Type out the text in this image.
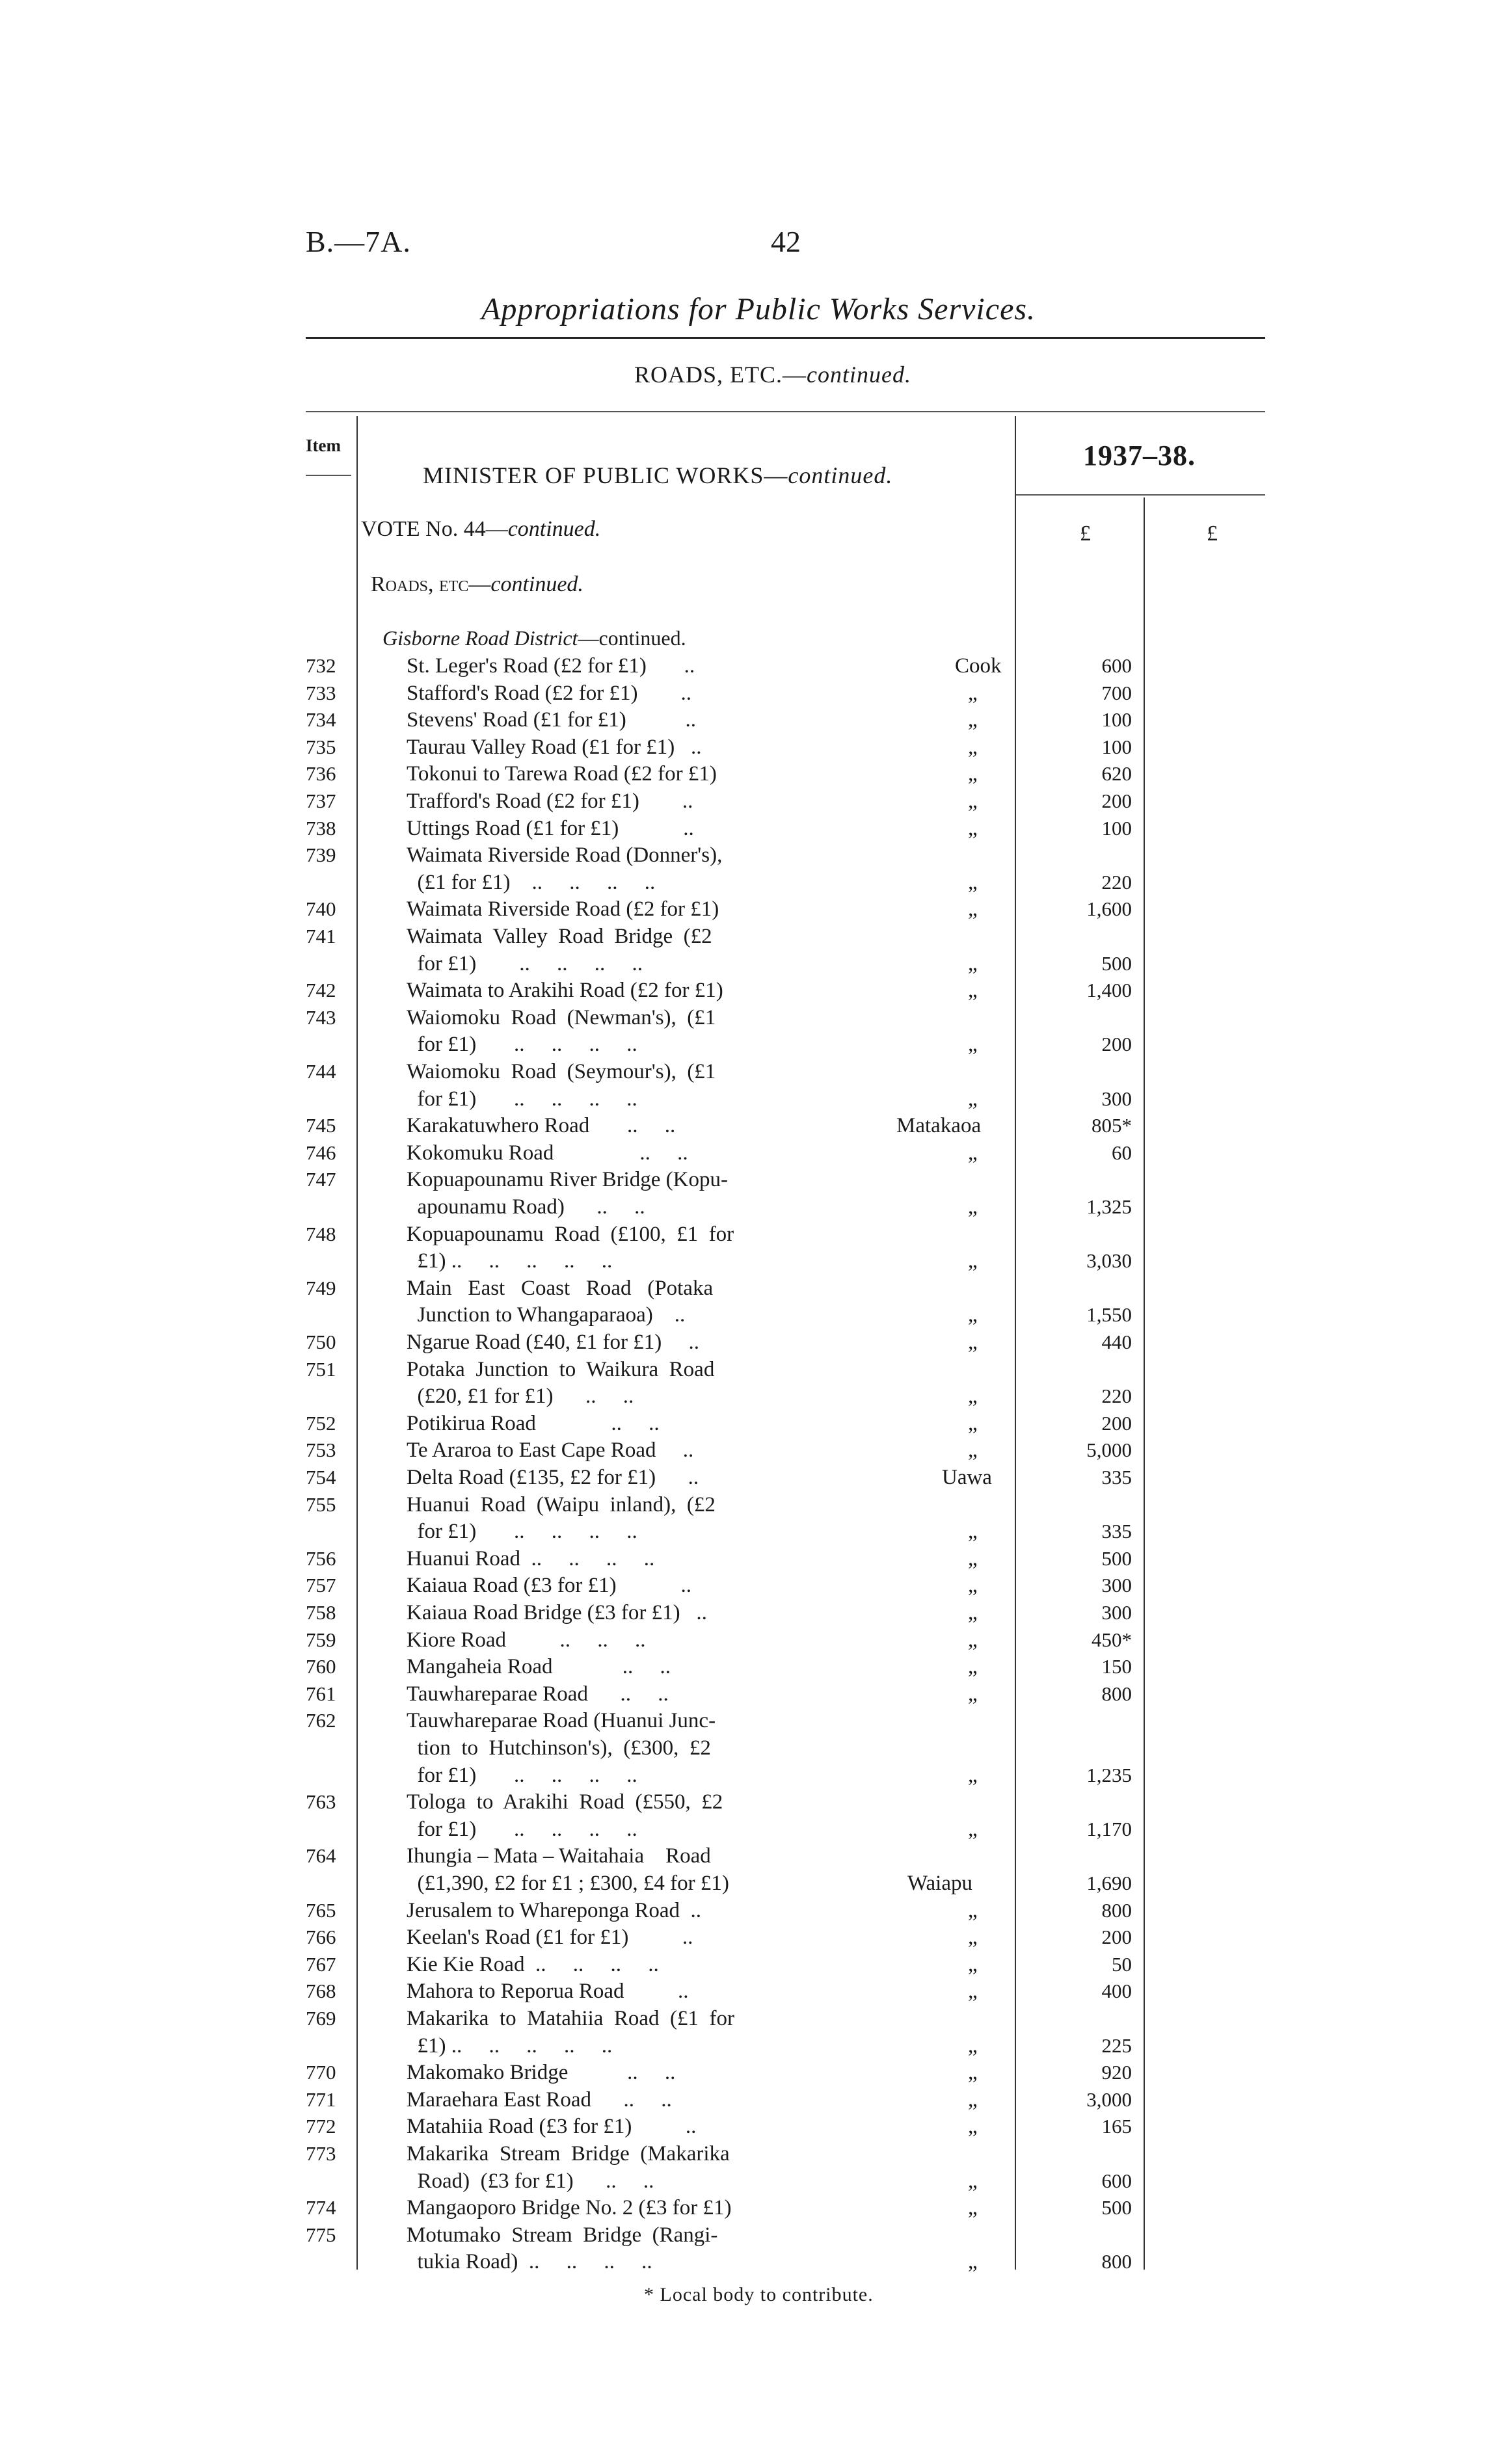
B.—7A.	42
Appropriations for Public Works Services.
ROADS, ETC.—continued.
Item	1937–38.
MINISTER OF PUBLIC WORKS—continued.
VOTE No. 44—continued.	£	£
Roads, etc—continued.
Gisborne Road District—continued.
732	St. Leger's Road (£2 for £1)       ..	Cook	600
733	Stafford's Road (£2 for £1)        ..	„	700
734	Stevens' Road (£1 for £1)           ..	„	100
735	Taurau Valley Road (£1 for £1)   ..	„	100
736	Tokonui to Tarewa Road (£2 for £1)	„	620
737	Trafford's Road (£2 for £1)        ..	„	200
738	Uttings Road (£1 for £1)            ..	„	100
739	Waimata Riverside Road (Donner's),
(£1 for £1)    ..     ..     ..     ..	„	220
740	Waimata Riverside Road (£2 for £1)	„	1,600
741	Waimata  Valley  Road  Bridge  (£2
for £1)        ..     ..     ..     ..	„	500
742	Waimata to Arakihi Road (£2 for £1)	„	1,400
743	Waiomoku  Road  (Newman's),  (£1
for £1)       ..     ..     ..     ..	„	200
744	Waiomoku  Road  (Seymour's),  (£1
for £1)       ..     ..     ..     ..	„	300
745	Karakatuwhero Road       ..     ..	Matakaoa	805*
746	Kokomuku Road                ..     ..	„	60
747	Kopuapounamu River Bridge (Kopu-
apounamu Road)      ..     ..	„	1,325
748	Kopuapounamu  Road  (£100,  £1  for
£1) ..     ..     ..     ..     ..	„	3,030
749	Main   East   Coast   Road   (Potaka
Junction to Whangaparaoa)    ..	„	1,550
750	Ngarue Road (£40, £1 for £1)     ..	„	440
751	Potaka  Junction  to  Waikura  Road
(£20, £1 for £1)      ..     ..	„	220
752	Potikirua Road              ..     ..	„	200
753	Te Araroa to East Cape Road     ..	„	5,000
754	Delta Road (£135, £2 for £1)      ..	Uawa	335
755	Huanui  Road  (Waipu  inland),  (£2
for £1)       ..     ..     ..     ..	„	335
756	Huanui Road  ..     ..     ..     ..	„	500
757	Kaiaua Road (£3 for £1)            ..	„	300
758	Kaiaua Road Bridge (£3 for £1)   ..	„	300
759	Kiore Road          ..     ..     ..	„	450*
760	Mangaheia Road             ..     ..	„	150
761	Tauwhareparae Road      ..     ..	„	800
762	Tauwhareparae Road (Huanui Junc-
tion  to  Hutchinson's),  (£300,  £2
for £1)       ..     ..     ..     ..	„	1,235
763	Tologa  to  Arakihi  Road  (£550,  £2
for £1)       ..     ..     ..     ..	„	1,170
764	Ihungia – Mata – Waitahaia    Road
(£1,390, £2 for £1 ; £300, £4 for £1)	Waiapu	1,690
765	Jerusalem to Whareponga Road  ..	„	800
766	Keelan's Road (£1 for £1)          ..	„	200
767	Kie Kie Road  ..     ..     ..     ..	„	50
768	Mahora to Reporua Road          ..	„	400
769	Makarika  to  Matahiia  Road  (£1  for
£1) ..     ..     ..     ..     ..	„	225
770	Makomako Bridge           ..     ..	„	920
771	Maraehara East Road      ..     ..	„	3,000
772	Matahiia Road (£3 for £1)          ..	„	165
773	Makarika  Stream  Bridge  (Makarika
Road)  (£3 for £1)      ..     ..	„	600
774	Mangaoporo Bridge No. 2 (£3 for £1)	„	500
775	Motumako  Stream  Bridge  (Rangi-
tukia Road)  ..     ..     ..     ..	„	800
* Local body to contribute.
